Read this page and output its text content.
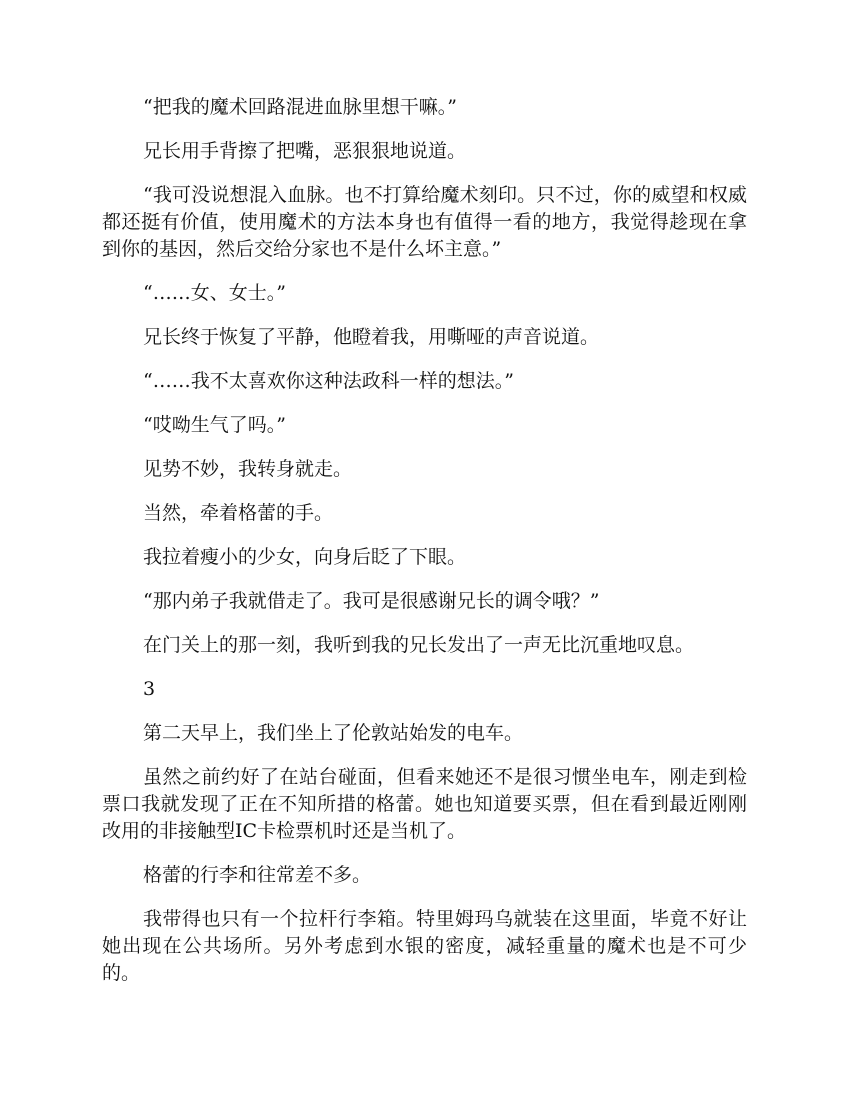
“把我的魔术回路混进血脉里想干嘛。”

兄长用手背擦了把嘴，恶狠狠地说道。

“我可没说想混入血脉。也不打算给魔术刻印。只不过，你的威望和权威都还挺有价值，使用魔术的方法本身也有值得一看的地方，我觉得趁现在拿到你的基因，然后交给分家也不是什么坏主意。”

“……女、女士。”

兄长终于恢复了平静，他瞪着我，用嘶哑的声音说道。

“……我不太喜欢你这种法政科一样的想法。”

“哎呦生气了吗。”

见势不妙，我转身就走。

当然，牵着格蕾的手。

我拉着瘦小的少女，向身后眨了下眼。

“那内弟子我就借走了。我可是很感谢兄长的调令哦？”

在门关上的那一刻，我听到我的兄长发出了一声无比沉重地叹息。

3

第二天早上，我们坐上了伦敦站始发的电车。

虽然之前约好了在站台碰面，但看来她还不是很习惯坐电车，刚走到检票口我就发现了正在不知所措的格蕾。她也知道要买票，但在看到最近刚刚改用的非接触型IC卡检票机时还是当机了。

格蕾的行李和往常差不多。

我带得也只有一个拉杆行李箱。特里姆玛乌就装在这里面，毕竟不好让她出现在公共场所。另外考虑到水银的密度，减轻重量的魔术也是不可少的。
